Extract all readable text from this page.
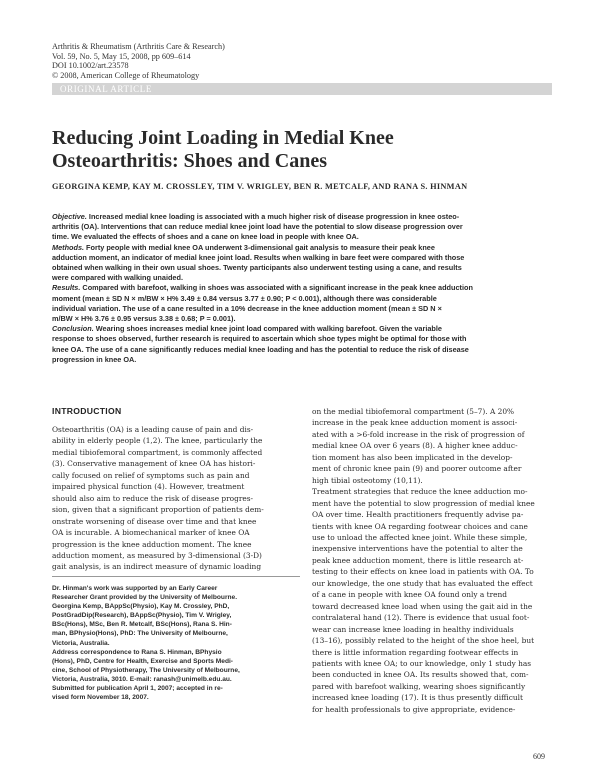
Arthritis & Rheumatism (Arthritis Care & Research)
Vol. 59, No. 5, May 15, 2008, pp 609–614
DOI 10.1002/art.23578
© 2008, American College of Rheumatology
ORIGINAL ARTICLE
Reducing Joint Loading in Medial Knee
Osteoarthritis: Shoes and Canes
GEORGINA KEMP, KAY M. CROSSLEY, TIM V. WRIGLEY, BEN R. METCALF, AND RANA S. HINMAN
Objective. Increased medial knee loading is associated with a much higher risk of disease progression in knee osteo-
arthritis (OA). Interventions that can reduce medial knee joint load have the potential to slow disease progression over
time. We evaluated the effects of shoes and a cane on knee load in people with knee OA.
Methods. Forty people with medial knee OA underwent 3-dimensional gait analysis to measure their peak knee
adduction moment, an indicator of medial knee joint load. Results when walking in bare feet were compared with those
obtained when walking in their own usual shoes. Twenty participants also underwent testing using a cane, and results
were compared with walking unaided.
Results. Compared with barefoot, walking in shoes was associated with a significant increase in the peak knee adduction
moment (mean ± SD N × m/BW × H% 3.49 ± 0.84 versus 3.77 ± 0.90; P < 0.001), although there was considerable
individual variation. The use of a cane resulted in a 10% decrease in the knee adduction moment (mean ± SD N ×
m/BW × H% 3.76 ± 0.95 versus 3.38 ± 0.68; P = 0.001).
Conclusion. Wearing shoes increases medial knee joint load compared with walking barefoot. Given the variable
response to shoes observed, further research is required to ascertain which shoe types might be optimal for those with
knee OA. The use of a cane significantly reduces medial knee loading and has the potential to reduce the risk of disease
progression in knee OA.
INTRODUCTION
Osteoarthritis (OA) is a leading cause of pain and dis-
ability in elderly people (1,2). The knee, particularly the
medial tibiofemoral compartment, is commonly affected
(3). Conservative management of knee OA has histori-
cally focused on relief of symptoms such as pain and
impaired physical function (4). However, treatment
should also aim to reduce the risk of disease progres-
sion, given that a significant proportion of patients dem-
onstrate worsening of disease over time and that knee
OA is incurable. A biomechanical marker of knee OA
progression is the knee adduction moment. The knee
adduction moment, as measured by 3-dimensional (3-D)
gait analysis, is an indirect measure of dynamic loading
Dr. Hinman's work was supported by an Early Career
Researcher Grant provided by the University of Melbourne.
Georgina Kemp, BAppSc(Physio), Kay M. Crossley, PhD,
PostGradDip(Research), BAppSc(Physio), Tim V. Wrigley,
BSc(Hons), MSc, Ben R. Metcalf, BSc(Hons), Rana S. Hin-
man, BPhysio(Hons), PhD: The University of Melbourne,
Victoria, Australia.
Address correspondence to Rana S. Hinman, BPhysio
(Hons), PhD, Centre for Health, Exercise and Sports Medi-
cine, School of Physiotherapy, The University of Melbourne,
Victoria, Australia, 3010. E-mail: ranash@unimelb.edu.au.
Submitted for publication April 1, 2007; accepted in re-
vised form November 18, 2007.
on the medial tibiofemoral compartment (5–7). A 20%
increase in the peak knee adduction moment is associ-
ated with a >6-fold increase in the risk of progression of
medial knee OA over 6 years (8). A higher knee adduc-
tion moment has also been implicated in the develop-
ment of chronic knee pain (9) and poorer outcome after
high tibial osteotomy (10,11).
Treatment strategies that reduce the knee adduction mo-
ment have the potential to slow progression of medial knee
OA over time. Health practitioners frequently advise pa-
tients with knee OA regarding footwear choices and cane
use to unload the affected knee joint. While these simple,
inexpensive interventions have the potential to alter the
peak knee adduction moment, there is little research at-
testing to their effects on knee load in patients with OA. To
our knowledge, the one study that has evaluated the effect
of a cane in people with knee OA found only a trend
toward decreased knee load when using the gait aid in the
contralateral hand (12). There is evidence that usual foot-
wear can increase knee loading in healthy individuals
(13–16), possibly related to the height of the shoe heel, but
there is little information regarding footwear effects in
patients with knee OA; to our knowledge, only 1 study has
been conducted in knee OA. Its results showed that, com-
pared with barefoot walking, wearing shoes significantly
increased knee loading (17). It is thus presently difficult
for health professionals to give appropriate, evidence-
609
